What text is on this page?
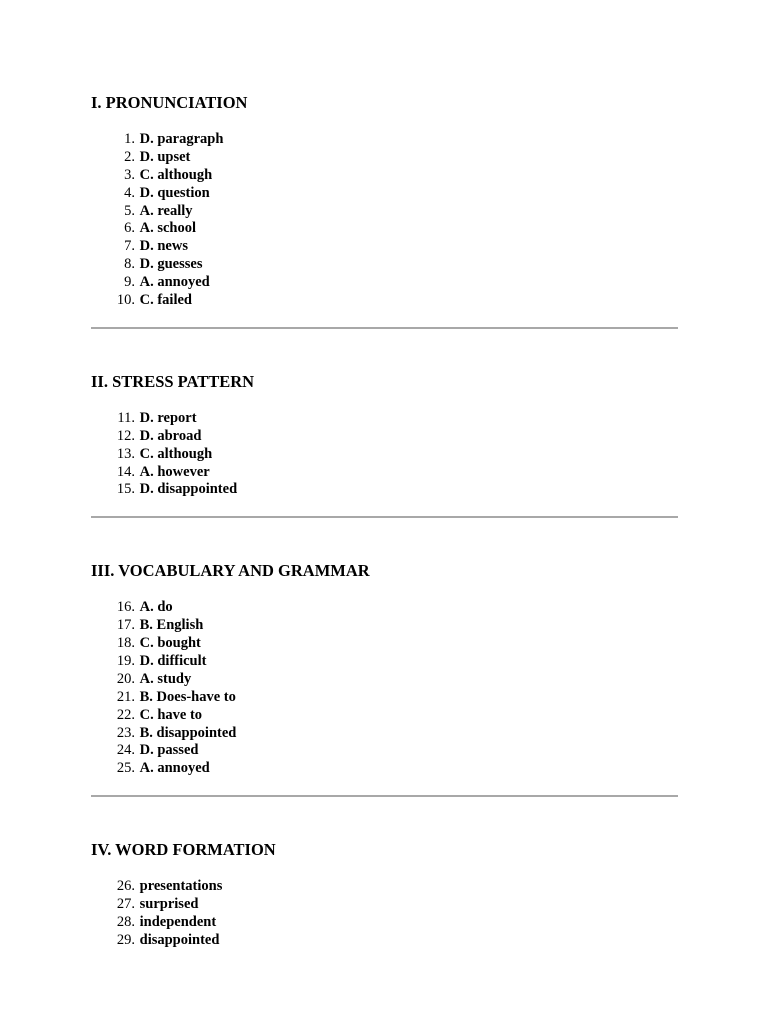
I. PRONUNCIATION
1. D. paragraph
2. D. upset
3. C. although
4. D. question
5. A. really
6. A. school
7. D. news
8. D. guesses
9. A. annoyed
10. C. failed
II. STRESS PATTERN
11. D. report
12. D. abroad
13. C. although
14. A. however
15. D. disappointed
III. VOCABULARY AND GRAMMAR
16. A. do
17. B. English
18. C. bought
19. D. difficult
20. A. study
21. B. Does-have to
22. C. have to
23. B. disappointed
24. D. passed
25. A. annoyed
IV. WORD FORMATION
26. presentations
27. surprised
28. independent
29. disappointed
